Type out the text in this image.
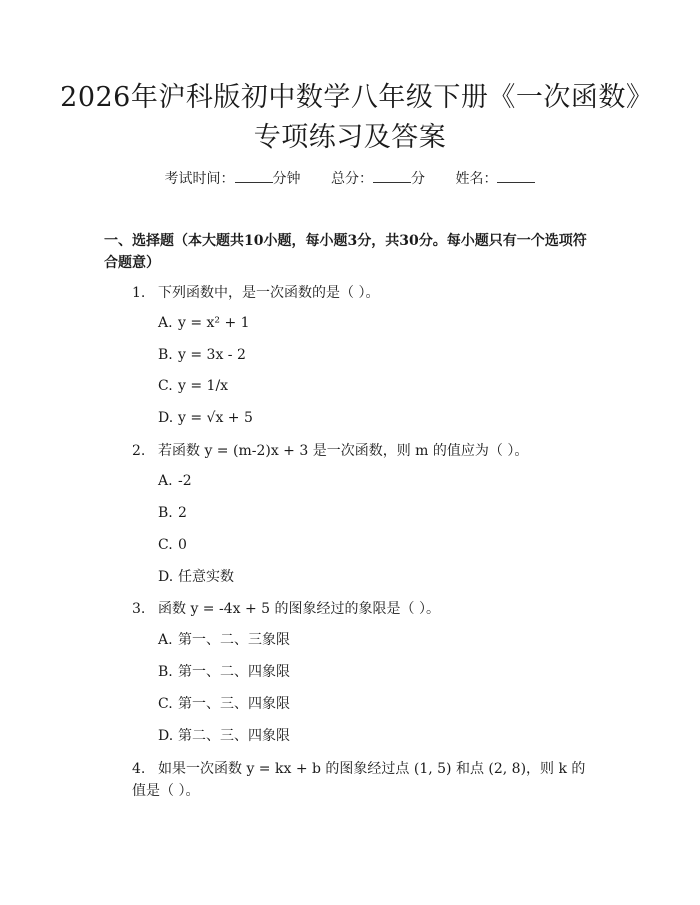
2026年沪科版初中数学八年级下册《一次函数》专项练习及答案
考试时间：	分钟 总分：	分 姓名：

一、选择题（本大题共10小题，每小题3分，共30分。每小题只有一个选项符合题意）

1. 下列函数中，是一次函数的是（ ）。

A. y = x² + 1
B. y = 3x - 2
C. y = 1/x
D. y = √x + 5

2. 若函数 y = (m-2)x + 3 是一次函数，则 m 的值应为（ ）。

A. -2
B. 2
C. 0
D. 任意实数

3. 函数 y = -4x + 5 的图象经过的象限是（ ）。

A. 第一、二、三象限
B. 第一、二、四象限
C. 第一、三、四象限
D. 第二、三、四象限

4. 如果一次函数 y = kx + b 的图象经过点 (1, 5) 和点 (2, 8)，则 k 的值是（ ）。
